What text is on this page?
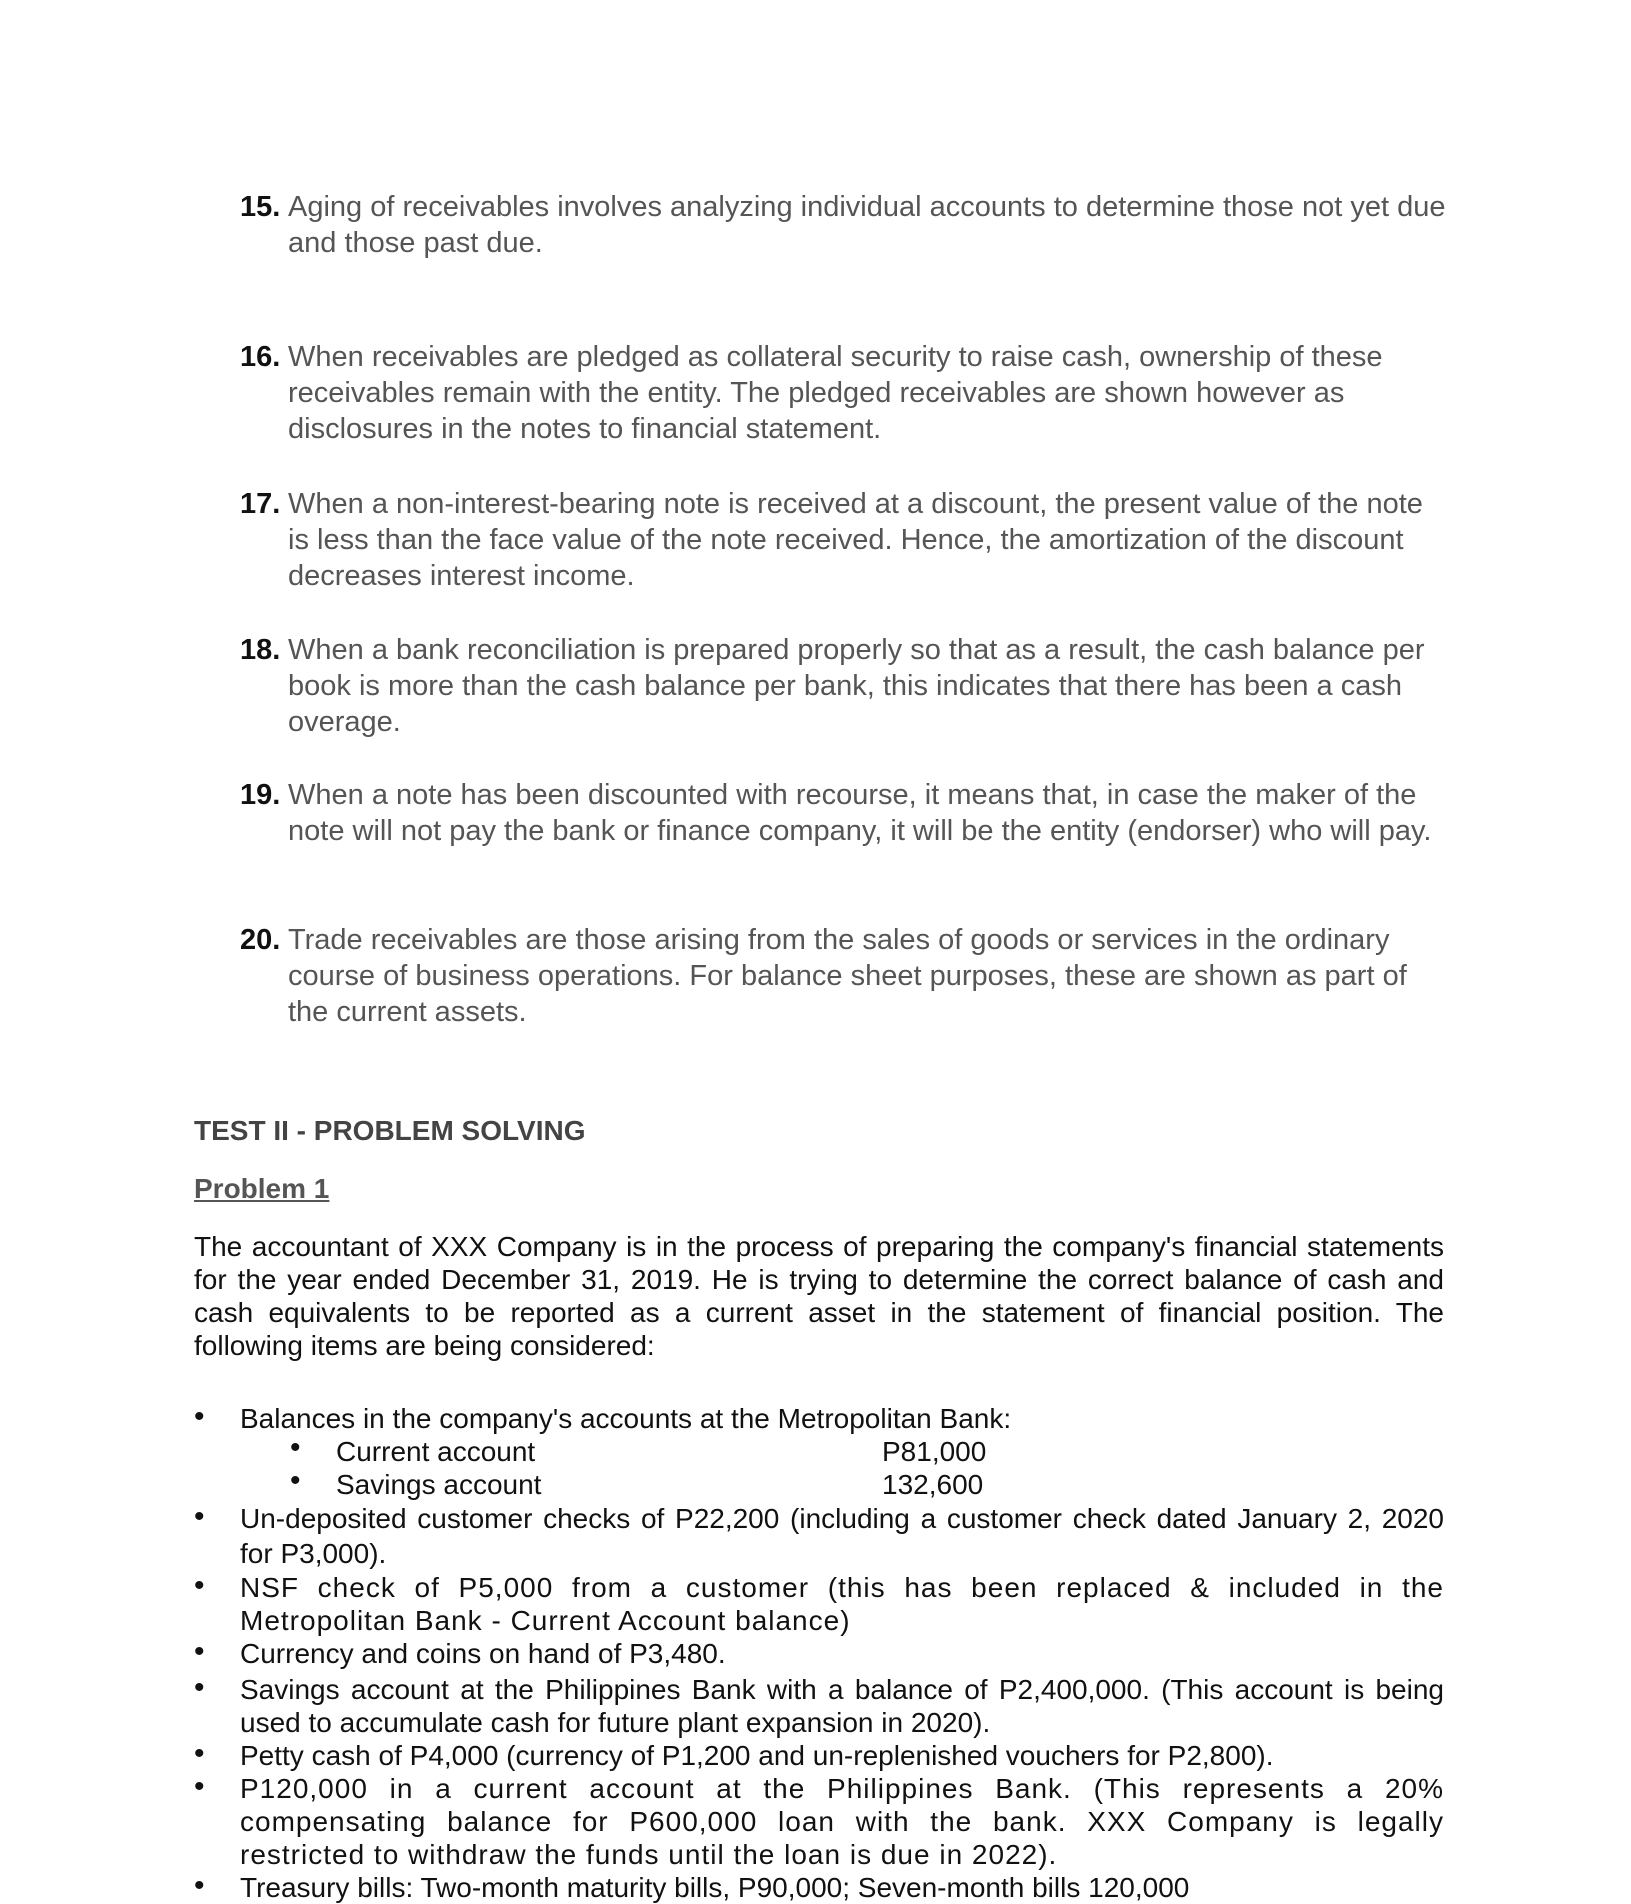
15. Aging of receivables involves analyzing individual accounts to determine those not yet due and those past due.
16. When receivables are pledged as collateral security to raise cash, ownership of these receivables remain with the entity. The pledged receivables are shown however as disclosures in the notes to financial statement.
17. When a non-interest-bearing note is received at a discount, the present value of the note is less than the face value of the note received. Hence, the amortization of the discount decreases interest income.
18. When a bank reconciliation is prepared properly so that as a result, the cash balance per book is more than the cash balance per bank, this indicates that there has been a cash overage.
19. When a note has been discounted with recourse, it means that, in case the maker of the note will not pay the bank or finance company, it will be the entity (endorser) who will pay.
20. Trade receivables are those arising from the sales of goods or services in the ordinary course of business operations. For balance sheet purposes, these are shown as part of the current assets.
TEST II - PROBLEM SOLVING
Problem 1
The accountant of XXX Company is in the process of preparing the company's financial statements for the year ended December 31, 2019. He is trying to determine the correct balance of cash and cash equivalents to be reported as a current asset in the statement of financial position. The following items are being considered:
• Balances in the company's accounts at the Metropolitan Bank:
• Current account	P81,000
• Savings account	132,600
• Un-deposited customer checks of P22,200 (including a customer check dated January 2, 2020 for P3,000).
• NSF check of P5,000 from a customer (this has been replaced & included in the Metropolitan Bank - Current Account balance)
• Currency and coins on hand of P3,480.
• Savings account at the Philippines Bank with a balance of P2,400,000. (This account is being used to accumulate cash for future plant expansion in 2020).
• Petty cash of P4,000 (currency of P1,200 and un-replenished vouchers for P2,800).
• P120,000 in a current account at the Philippines Bank. (This represents a 20% compensating balance for P600,000 loan with the bank. XXX Company is legally restricted to withdraw the funds until the loan is due in 2022).
• Treasury bills: Two-month maturity bills, P90,000; Seven-month bills 120,000
